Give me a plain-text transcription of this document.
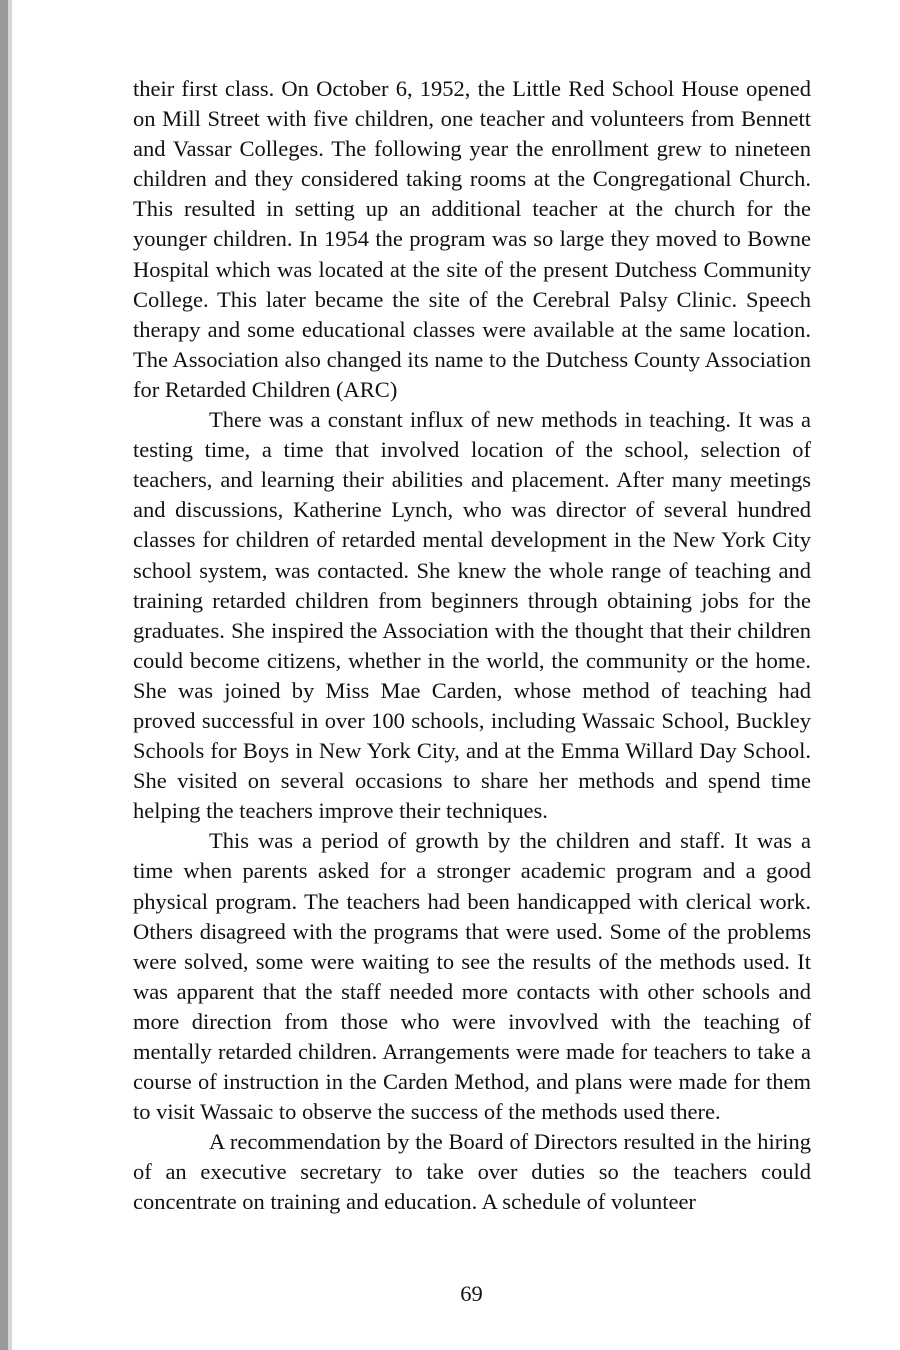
their first class. On October 6, 1952, the Little Red School House opened on Mill Street with five children, one teacher and volunteers from Bennett and Vassar Colleges. The following year the enrollment grew to nineteen children and they considered taking rooms at the Congregational Church. This resulted in setting up an additional teacher at the church for the younger children. In 1954 the program was so large they moved to Bowne Hospital which was located at the site of the present Dutchess Community College. This later became the site of the Cerebral Palsy Clinic. Speech therapy and some educational classes were available at the same location. The Association also changed its name to the Dutchess County Association for Retarded Children (ARC)

There was a constant influx of new methods in teaching. It was a testing time, a time that involved location of the school, selection of teachers, and learning their abilities and placement. After many meetings and discussions, Katherine Lynch, who was director of several hundred classes for children of retarded mental development in the New York City school system, was contacted. She knew the whole range of teaching and training retarded children from beginners through obtaining jobs for the graduates. She inspired the Association with the thought that their children could become citizens, whether in the world, the community or the home. She was joined by Miss Mae Carden, whose method of teaching had proved successful in over 100 schools, including Wassaic School, Buckley Schools for Boys in New York City, and at the Emma Willard Day School. She visited on several occasions to share her methods and spend time helping the teachers improve their techniques.

This was a period of growth by the children and staff. It was a time when parents asked for a stronger academic program and a good physical program. The teachers had been handicapped with clerical work. Others disagreed with the programs that were used. Some of the problems were solved, some were waiting to see the results of the methods used. It was apparent that the staff needed more contacts with other schools and more direction from those who were invovlved with the teaching of mentally retarded children. Arrangements were made for teachers to take a course of instruction in the Carden Method, and plans were made for them to visit Wassaic to observe the success of the methods used there.

A recommendation by the Board of Directors resulted in the hiring of an executive secretary to take over duties so the teachers could concentrate on training and education. A schedule of volunteer

69
